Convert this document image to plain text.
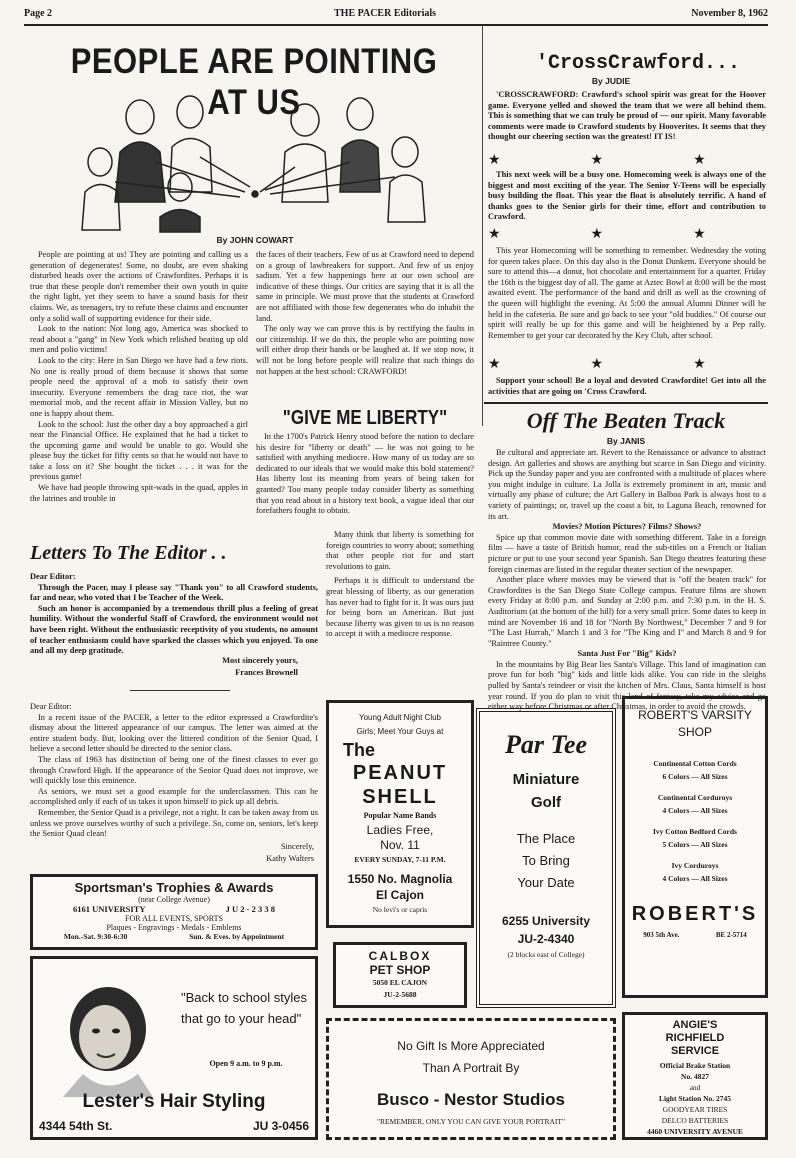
Page 2	THE PACER Editorials	November 8, 1962
PEOPLE ARE POINTING AT US
By JOHN COWART

People are pointing at us! They are pointing and calling us a generation of degenerates! Some, no doubt, are even shaking disturbed heads over the actions of Crawfordites. Perhaps it is true that these people don't remember their own youth in quite the right light, yet they seem to have a sound basis for their claims. We, as teenagers, try to refute these claims and encounter only a solid wall of supporting evidence for their side.

Look to the nation: Not long ago, America was shocked to read about a "gang" in New York which relished beating up old men and polio victims!

Look to the city: Here in San Diego we have had a few riots. No one is really proud of them because it shows that some people need the approval of a mob to satisfy their own insecurity. Everyone remembers the drag race riot, the war memorial mob, and the recent affair in Mission Valley, but no one is happy about them.

Look to the school: Just the other day a boy approached a girl near the Financial Office. He explained that he had a ticket to the upcoming game and would be unable to go. Would she please buy the ticket for fifty cents so that he would not have to take a loss on it? She bought the ticket . . . it was for the previous game!

We have had people throwing spit-wads in the quad, apples in the latrines and trouble in

the faces of their teachers. Few of us at Crawford need to depend on a group of lawbreakers for support. And few of us enjoy sadism. Yet a few happenings here at our own school are indicative of these things. Our critics are saying that it is all the same in principle. We must prove that the students at Crawford are not affiliated with those few degenerates who do inhabit the land.

The only way we can prove this is by rectifying the faults in our citizenship. If we do this, the people who are pointing now will either drop their hands or be laughed at. If we stop now, it will not be long before people will realize that such things do not happen at the best school: CRAWFORD!

"GIVE ME LIBERTY"

In the 1700's Patrick Henry stood before the nation to declare his desire for "liberty or death" — he was not going to be satisfied with anything mediocre. How many of us today are so dedicated to our ideals that we would make this bold statement? Has liberty lost its meaning from years of being taken for granted? Too many people today consider liberty as something that you read about in a history text book, a vague ideal that our forefathers fought to obtain.

Many think that liberty is something for foreign countries to worry about; something that other people riot for and start revolutions to gain.

Perhaps it is difficult to understand the great blessing of liberty, as our generation has never had to fight for it. It was ours just for being born an American. But just because liberty was given to us is no reason to accept it with a mediocre response.

Letters To The Editor . .

Dear Editor:

Through the Pacer, may I please say "Thank you" to all Crawford students, far and near, who voted that I be Teacher of the Week.

Such an honor is accompanied by a tremendous thrill plus a feeling of great humility. Without the wonderful Staff of Crawford, the environment would not have been right. Without the enthusiastic receptivity of you students, no amount of teacher enthusiasm could have sparked the classes which you enjoyed. To one and all my deep gratitude.

Most sincerely yours,
Frances Brownell

Dear Editor:

In a recent issue of the PACER, a letter to the editor expressed a Crawfordite's dismay about the littered appearance of our campus. The letter was aimed at the entire student body. But, looking over the littered condition of the Senior Quad, I believe a second letter should be directed to the senior class.

The class of 1963 has distinction of being one of the finest classes to ever go through Crawford High. If the appearance of the Senior Quad does not improve, we will quickly lose this eminence.

As seniors, we must set a good example for the underclassmen. This can be accomplished only if each of us takes it upon himself to pick up all debris.

Remember, the Senior Quad is a privilege, not a right. It can be taken away from us unless we prove ourselves worthy of such a privilege. So, come on, seniors, let's keep the Senior Quad clean!

Sincerely,
Kathy Walters
Sportsman's Trophies & Awards
(near College Avenue)
6161 UNIVERSITY	J U 2 - 2 3 3 8
FOR ALL EVENTS, SPORTS
Plaques - Engravings - Medals - Emblems
Mon.-Sat. 9:30-6:30	Sun. & Eves. by Appointment
"Back to school styles that go to your head"
Open 9 a.m. to 9 p.m.
Lester's Hair Styling
4344 54th St.	JU 3-0456
Young Adult Night Club
Girls; Meet Your Guys at
The
PEANUT
SHELL
Popular Name Bands
Ladies Free,
Nov. 11
EVERY SUNDAY, 7-11 P.M.
1550 No. Magnolia
El Cajon
No levi's or capris
CALBOX
PET SHOP
5050 EL CAJON
JU-2-5688
Par Tee
Miniature
Golf
The Place
To Bring
Your Date
6255 University
JU-2-4340
(2 blocks east of College)
ROBERT'S VARSITY SHOP
Continental Cotton Cords
6 Colors — All Sizes
Continental Corduroys
4 Colors — All Sizes
Ivy Cotton Bedford Cords
5 Colors — All Sizes
Ivy Corduroys
4 Colors — All Sizes
ROBERT'S
903 5th Ave.	BE 2-5714
No Gift Is More Appreciated
Than A Portrait By
Busco - Nestor Studios
"REMEMBER, ONLY YOU CAN GIVE YOUR PORTRAIT"
ANGIE'S
RICHFIELD
SERVICE
Official Brake Station
No. 4827
and
Light Station No. 2745
GOODYEAR TIRES
DELCO BATTERIES
4460 UNIVERSITY AVENUE
'CrossCrawford...
By JUDIE

'CROSSCRAWFORD: Crawford's school spirit was great for the Hoover game. Everyone yelled and showed the team that we were all behind them. This is something that we can truly be proud of — our spirit. Many favorable comments were made to Crawford students by Hooverites. It seems that they thought our cheering section was the greatest! IT IS!

★★★

This next week will be a busy one. Homecoming week is always one of the biggest and most exciting of the year. The Senior Y-Teens will be especially busy building the float. This year the float is absolutely terrific. A hand of thanks goes to the Senior girls for their time, effort and contribution to Crawford.

★★★

This year Homecoming will be something to remember. Wednesday the voting for queen takes place. On this day also is the Donut Dunkem. Everyone should be sure to attend this—a donut, hot chocolate and entertainment for a quarter. Friday the 16th is the biggest day of all. The game at Aztec Bowl at 8:00 will be the most awaited event. The performance of the band and drill as well as the crowning of the queen will highlight the evening. At 5:00 the annual Alumni Dinner will be held in the cafeteria. Be sure and go back to see your "old buddies." Of course our spirit will really be up for this game and will be heightened by a Pep rally. Remember to get your car decorated by the Key Club, after school.

★★★

Support your school! Be a loyal and devoted Crawfordite! Get into all the activities that are going on 'Cross Crawford.

Off The Beaten Track
By JANIS

Be cultural and appreciate art. Revert to the Renaissance or advance to abstract design. Art galleries and shows are anything but scarce in San Diego and vicinity. Pick up the Sunday paper and you are confronted with a multitude of places where you might indulge in culture. La Jolla is extremely prominent in art, music and virtually any phase of culture; the Art Gallery in Balboa Park is always host to a variety of paintings; or, travel up the coast a bit, to Laguna Beach, renowned for its art.

Movies? Motion Pictures? Films? Shows?

Spice up that common movie date with something different. Take in a foreign film — have a taste of British humor, read the sub-titles on a French or Italian picture or put to use your second year Spanish. San Diego theatres featuring these foreign cinemas are listed in the regular theater section of the newspaper.

Another place where movies may be viewed that is "off the beaten track" for Crawfordites is the San Diego State College campus. Feature films are shown every Friday at 8:00 p.m. and Sunday at 2:00 p.m. and 7:30 p.m. in the H. S. Auditorium (at the bottom of the hill) for a very small price. Some dates to keep in mind are November 16 and 18 for "North By Northwest," December 7 and 9 for "The Last Hurrah," March 1 and 3 for "The King and I" and March 8 and 9 for "Raintree County."

Santa Just For "Big" Kids?

In the mountains by Big Bear lies Santa's Village. This land of imagination can prove fun for both "big" kids and little kids alike. You can ride in the sleighs pulled by Santa's reindeer or visit the kitchen of Mrs. Claus, Santa himself is host year round. If you do plan to visit this land of fantasy, take my advice and go either way before Christmas or after Christmas, in order to avoid the crowds.
